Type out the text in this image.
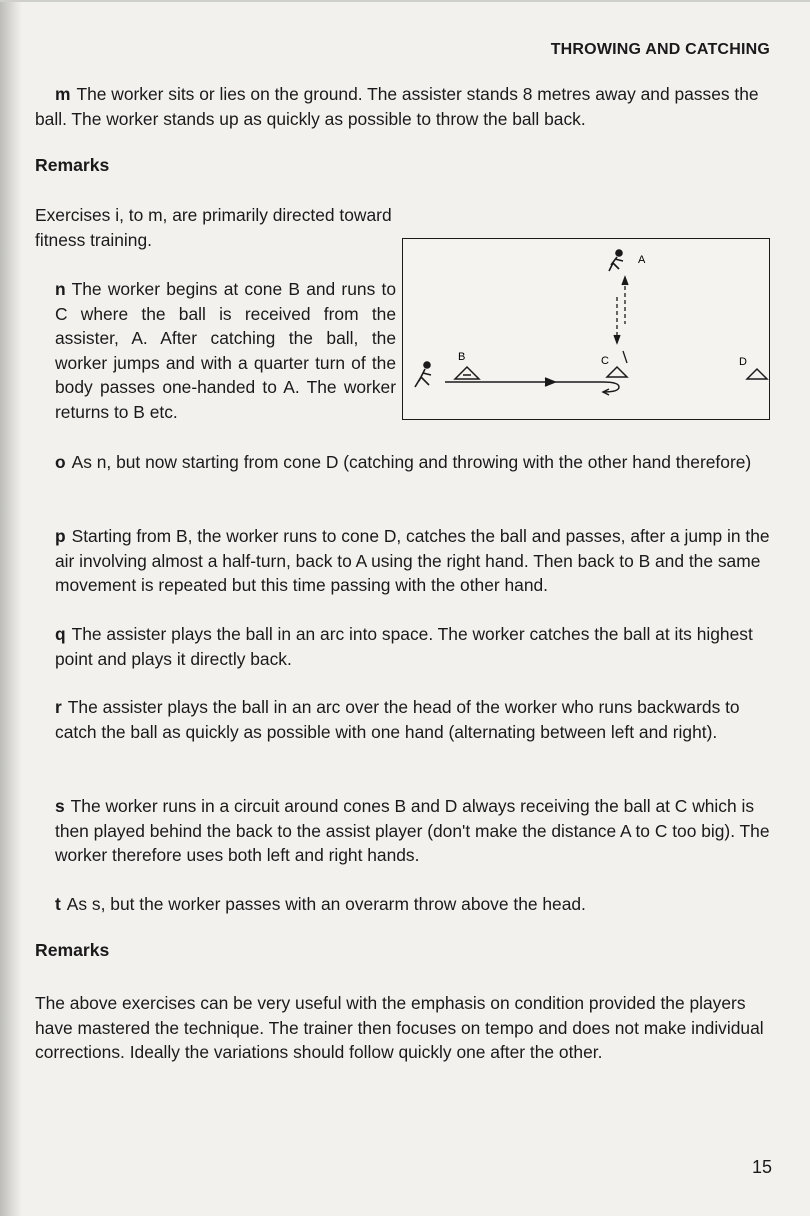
THROWING AND CATCHING

m The worker sits or lies on the ground. The assister stands 8 metres away and passes the ball. The worker stands up as quickly as possible to throw the ball back.

Remarks

Exercises i, to m, are primarily directed toward fitness training.

n The worker begins at cone B and runs to C where the ball is received from the assister, A. After catching the ball, the worker jumps and with a quarter turn of the body passes one-handed to A. The worker returns to B etc.

A
B	C	D

o As n, but now starting from cone D (catching and throwing with the other hand therefore)

p Starting from B, the worker runs to cone D, catches the ball and passes, after a jump in the air involving almost a half-turn, back to A using the right hand. Then back to B and the same movement is repeated but this time passing with the other hand.

q The assister plays the ball in an arc into space. The worker catches the ball at its highest point and plays it directly back.

r The assister plays the ball in an arc over the head of the worker who runs backwards to catch the ball as quickly as possible with one hand (alternating between left and right).

s The worker runs in a circuit around cones B and D always receiving the ball at C which is then played behind the back to the assist player (don't make the distance A to C too big). The worker therefore uses both left and right hands.

t As s, but the worker passes with an overarm throw above the head.

Remarks

The above exercises can be very useful with the emphasis on condition provided the players have mastered the technique. The trainer then focuses on tempo and does not make individual corrections. Ideally the variations should follow quickly one after the other.

15
